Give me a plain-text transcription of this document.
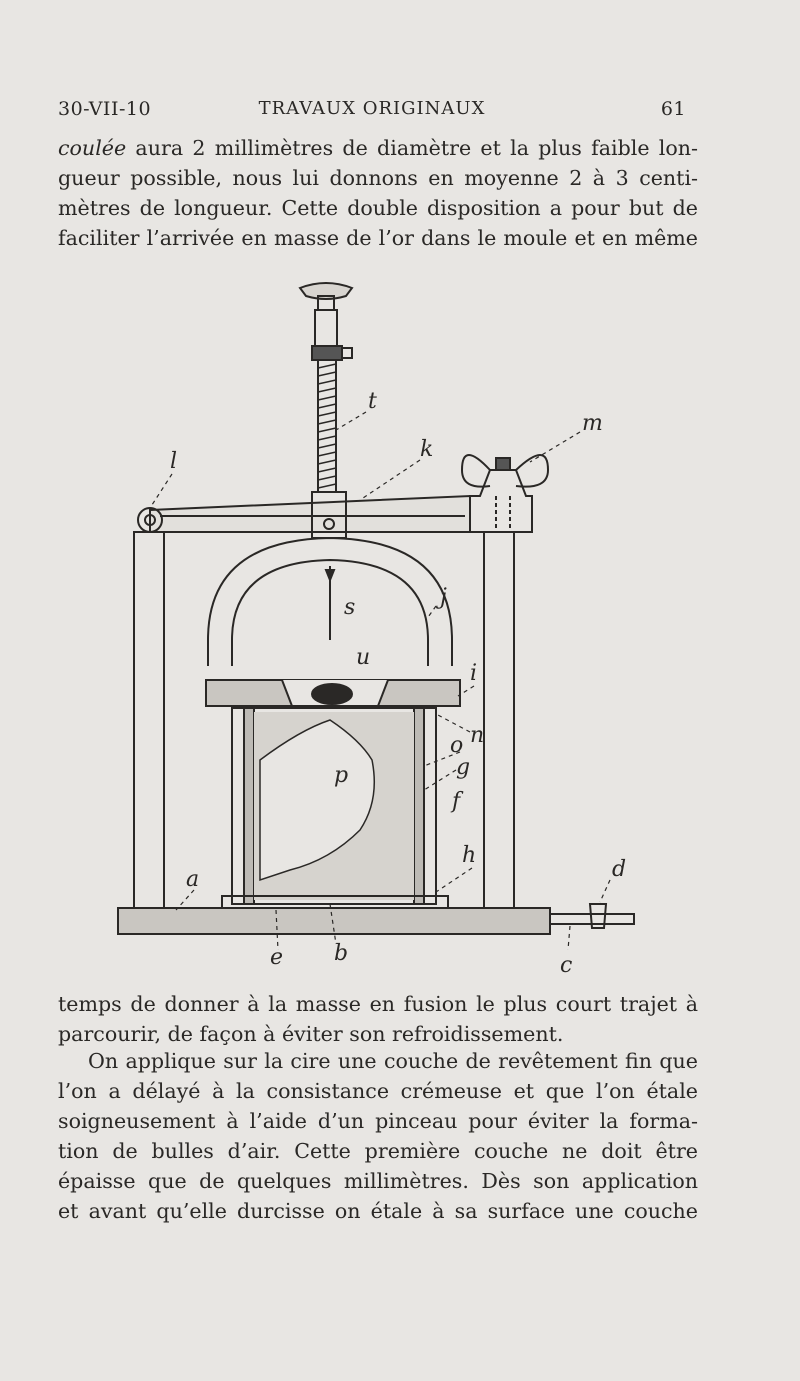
30-VII-10	TRAVAUX ORIGINAUX	61
coulée aura 2 millimètres de diamètre et la plus faible lon-
gueur possible, nous lui donnons en moyenne 2 à 3 centi-
mètres de longueur. Cette double disposition a pour but de
faciliter l’arrivée en masse de l’or dans le moule et en même
t
l	k
m
s	j
u
i
n
o
g
f
p
h
a	d
e b	c
temps de donner à la masse en fusion le plus court trajet à
parcourir, de façon à éviter son refroidissement.
On applique sur la cire une couche de revêtement fin que
l’on a délayé à la consistance crémeuse et que l’on étale
soigneusement à l’aide d’un pinceau pour éviter la forma-
tion de bulles d’air. Cette première couche ne doit être
épaisse que de quelques millimètres. Dès son application
et avant qu’elle durcisse on étale à sa surface une couche
